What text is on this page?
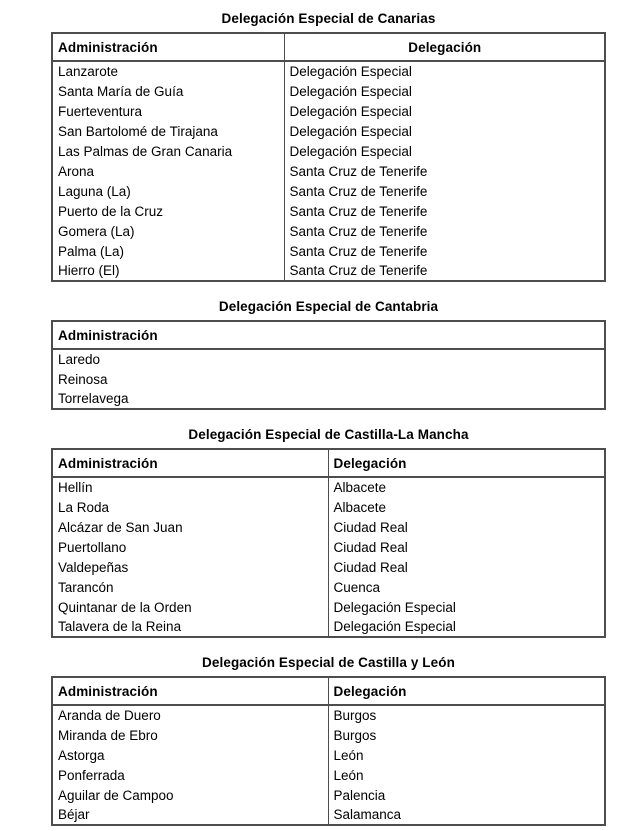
Delegación Especial de Canarias
Administración	Delegación
Lanzarote	Delegación Especial
Santa María de Guía	Delegación Especial
Fuerteventura	Delegación Especial
San Bartolomé de Tirajana	Delegación Especial
Las Palmas de Gran Canaria	Delegación Especial
Arona	Santa Cruz de Tenerife
Laguna (La)	Santa Cruz de Tenerife
Puerto de la Cruz	Santa Cruz de Tenerife
Gomera (La)	Santa Cruz de Tenerife
Palma (La)	Santa Cruz de Tenerife
Hierro (El)	Santa Cruz de Tenerife
Delegación Especial de Cantabria
Administración
Laredo
Reinosa
Torrelavega
Delegación Especial de Castilla-La Mancha
Administración	Delegación
Hellín	Albacete
La Roda	Albacete
Alcázar de San Juan	Ciudad Real
Puertollano	Ciudad Real
Valdepeñas	Ciudad Real
Tarancón	Cuenca
Quintanar de la Orden	Delegación Especial
Talavera de la Reina	Delegación Especial
Delegación Especial de Castilla y León
Administración	Delegación
Aranda de Duero	Burgos
Miranda de Ebro	Burgos
Astorga	León
Ponferrada	León
Aguilar de Campoo	Palencia
Béjar	Salamanca
